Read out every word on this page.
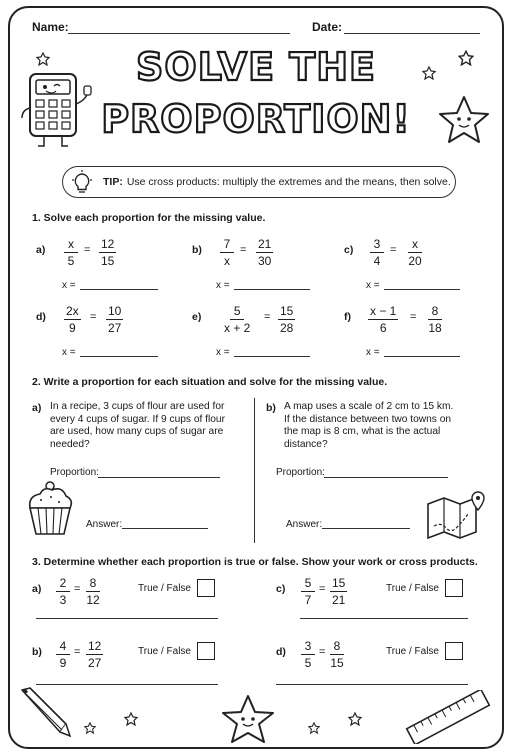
Name:	Date:
SOLVE THE
PROPORTION!
TIP: Use cross products: multiply the extremes and the means, then solve.
1. Solve each proportion for the missing value.
$a) \frac{x}{5} = \frac{12}{15}$
x =
$b) \frac{7}{x} = \frac{21}{30}$
x =
$c) \frac{3}{4} = \frac{x}{20}$
x =
$d) \frac{2x}{9} = \frac{10}{27}$
x =
$e) \frac{5}{x + 2} = \frac{15}{28}$
x =
$f) \frac{x - 1}{6} = \frac{8}{18}$
x =
2. Write a proportion for each situation and solve for the missing value.
a) In a recipe, 3 cups of flour are used for
every 4 cups of sugar. If 9 cups of flour
are used, how many cups of sugar are
needed?
Proportion:
Answer:
b) A map uses a scale of 2 cm to 15 km.
If the distance between two towns on
the map is 8 cm, what is the actual
distance?
Proportion:
Answer:
3. Determine whether each proportion is true or false. Show your work or cross products.
$a) \frac{2}{3} = \frac{8}{12}$	True / False	$c) \frac{5}{7} = \frac{15}{21}$	True / False
$b) \frac{4}{9} = \frac{12}{27}$	True / False	$d) \frac{3}{5} = \frac{8}{15}$	True / False
